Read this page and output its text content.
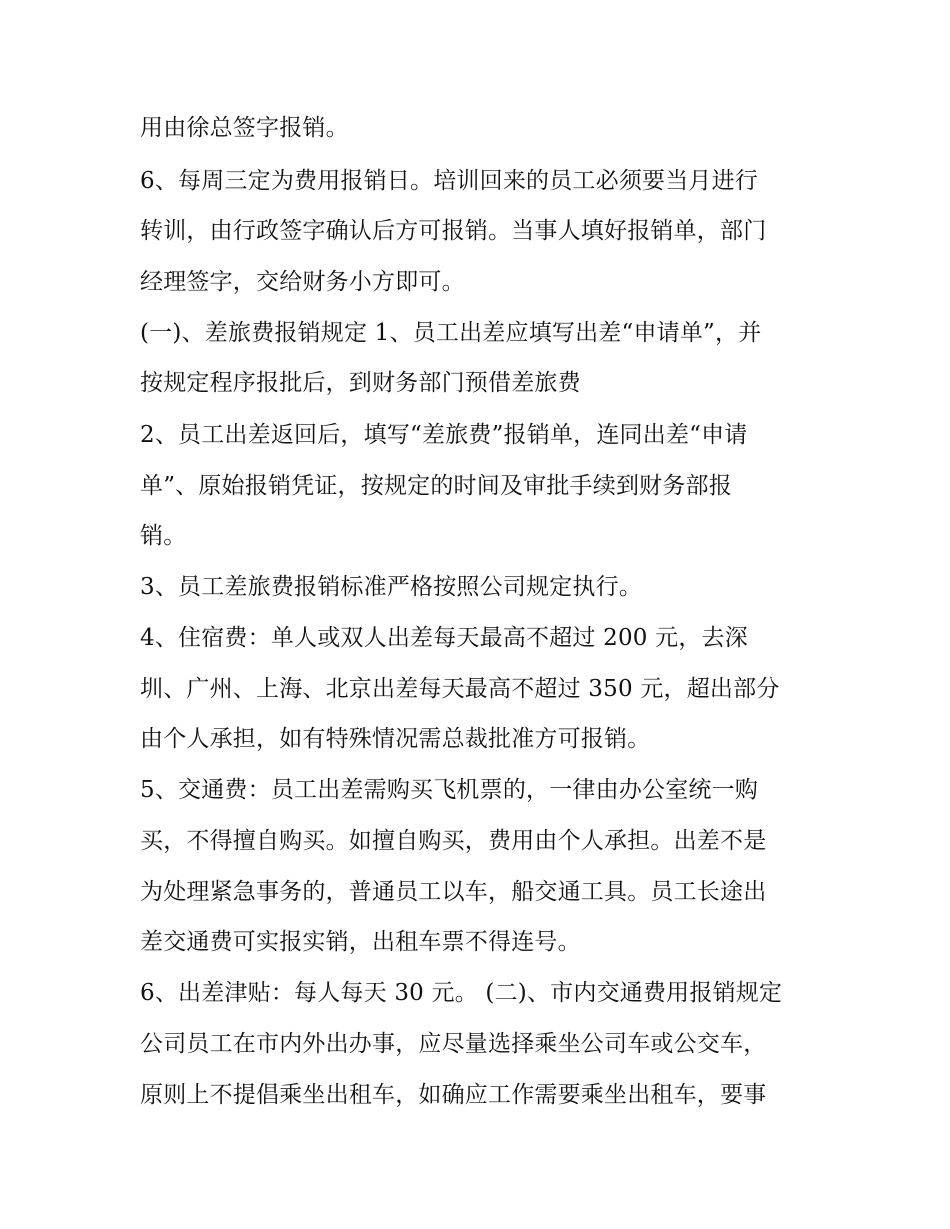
用由徐总签字报销。
6、每周三定为费用报销日。培训回来的员工必须要当月进行
转训，由行政签字确认后方可报销。当事人填好报销单，部门
经理签字，交给财务小方即可。
(一)、差旅费报销规定 1、员工出差应填写出差“申请单”，并
按规定程序报批后，到财务部门预借差旅费
2、员工出差返回后，填写“差旅费”报销单，连同出差“申请
单”、原始报销凭证，按规定的时间及审批手续到财务部报
销。
3、员工差旅费报销标准严格按照公司规定执行。
4、住宿费：单人或双人出差每天最高不超过 200 元，去深
圳、广州、上海、北京出差每天最高不超过 350 元，超出部分
由个人承担，如有特殊情况需总裁批准方可报销。
5、交通费：员工出差需购买飞机票的，一律由办公室统一购
买，不得擅自购买。如擅自购买，费用由个人承担。出差不是
为处理紧急事务的，普通员工以车，船交通工具。员工长途出
差交通费可实报实销，出租车票不得连号。
6、出差津贴：每人每天 30 元。 (二)、市内交通费用报销规定
公司员工在市内外出办事，应尽量选择乘坐公司车或公交车，
原则上不提倡乘坐出租车，如确应工作需要乘坐出租车，要事
